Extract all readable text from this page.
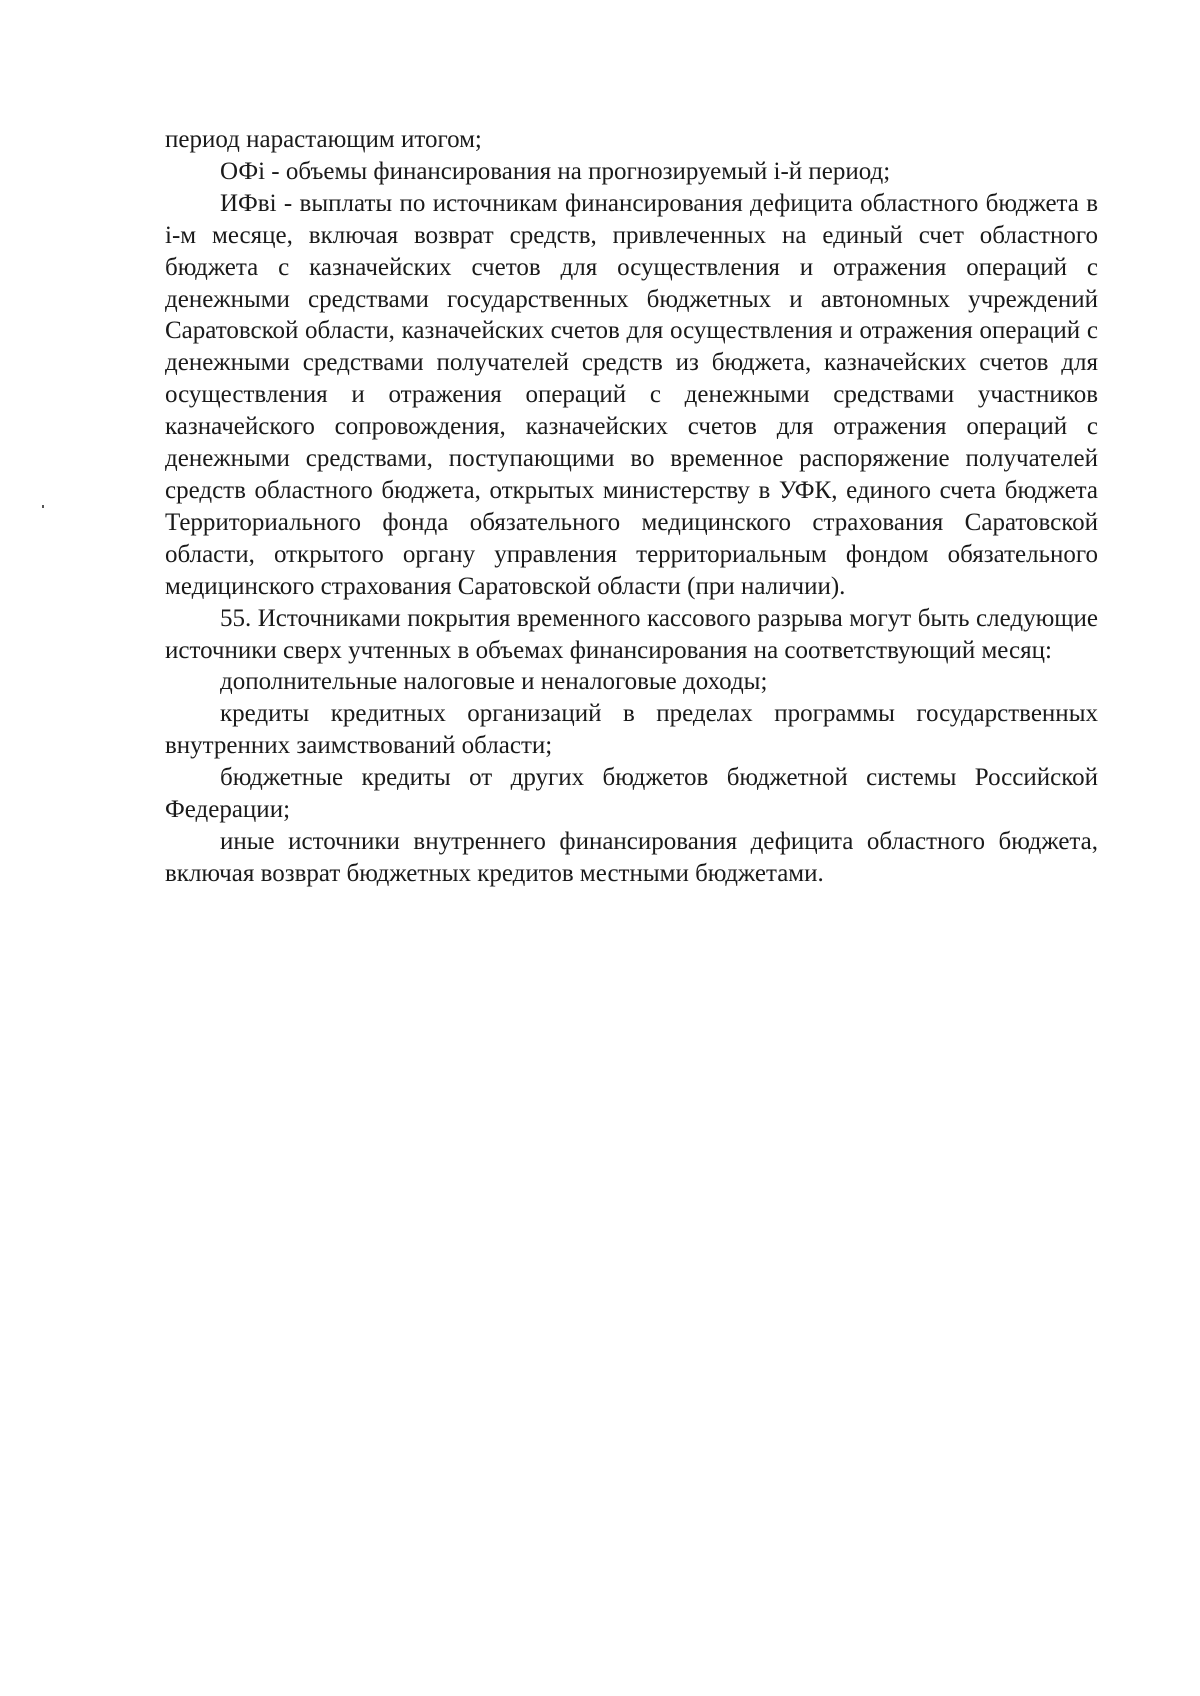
период нарастающим итогом;

ОФi - объемы финансирования на прогнозируемый i-й период;

ИФвi - выплаты по источникам финансирования дефицита областного бюджета в i-м месяце, включая возврат средств, привлеченных на единый счет областного бюджета с казначейских счетов для осуществления и отражения операций с денежными средствами государственных бюджетных и автономных учреждений Саратовской области, казначейских счетов для осуществления и отражения операций с денежными средствами получателей средств из бюджета, казначейских счетов для осуществления и отражения операций с денежными средствами участников казначейского сопровождения, казначейских счетов для отражения операций с денежными средствами, поступающими во временное распоряжение получателей средств областного бюджета, открытых министерству в УФК, единого счета бюджета Территориального фонда обязательного медицинского страхования Саратовской области, открытого органу управления территориальным фондом обязательного медицинского страхования Саратовской области (при наличии).

55. Источниками покрытия временного кассового разрыва могут быть следующие источники сверх учтенных в объемах финансирования на соответствующий месяц:

дополнительные налоговые и неналоговые доходы;

кредиты кредитных организаций в пределах программы государственных внутренних заимствований области;

бюджетные кредиты от других бюджетов бюджетной системы Российской Федерации;

иные источники внутреннего финансирования дефицита областного бюджета, включая возврат бюджетных кредитов местными бюджетами.
